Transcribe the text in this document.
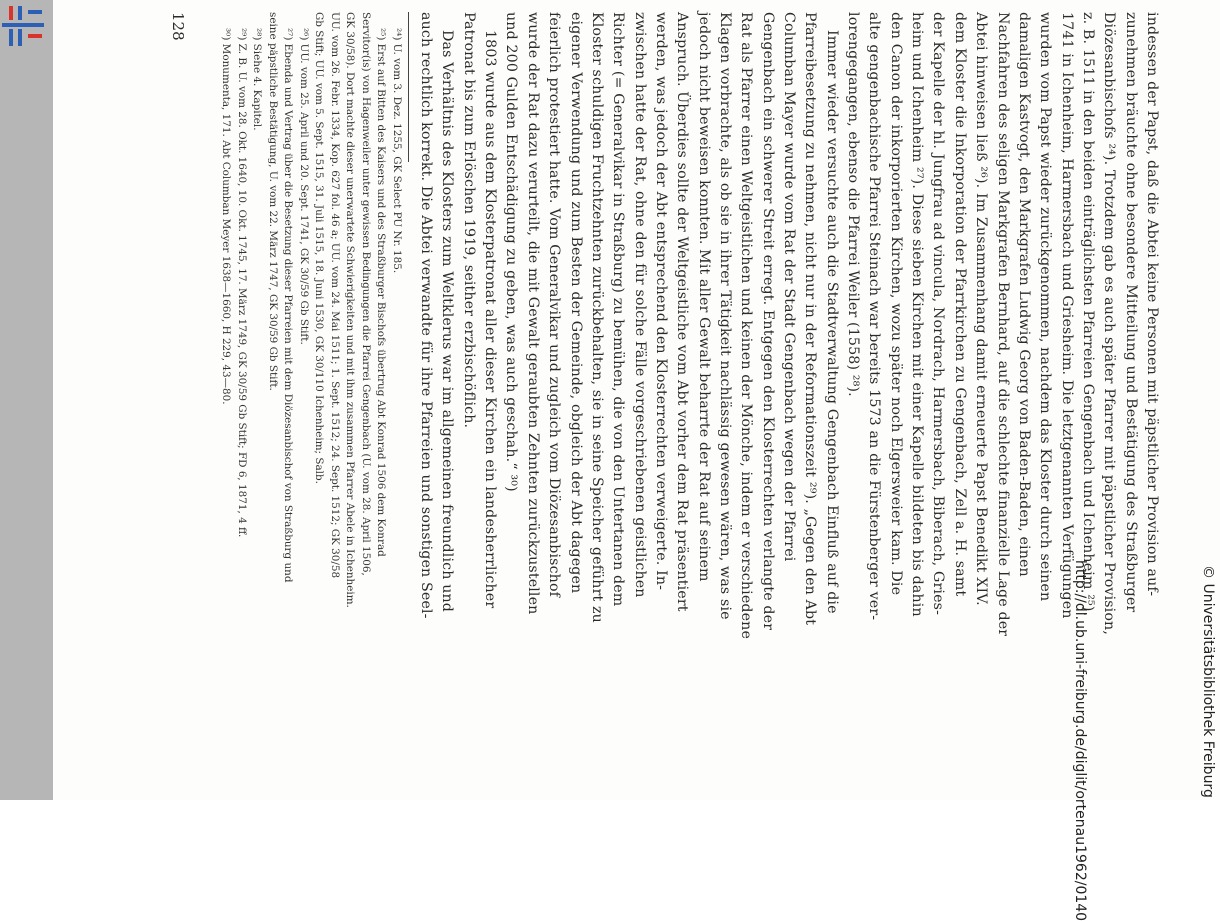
indessen der Papst, daß die Abtei keine Personen mit päpstlicher Provision auf-
zunehmen bräuchte ohne besondere Mitteilung und Bestätigung des Straßburger
Diözesanbischofs ²⁴). Trotzdem gab es auch später Pfarrer mit päpstlicher Provision,
z. B. 1511 in den beiden einträglichsten Pfarreien Gengenbach und Ichenheim ²⁵).
1741 in Ichenheim, Harmersbach und Griesheim. Die letztgenannten Verfügungen
wurden vom Papst wieder zurückgenommen, nachdem das Kloster durch seinen
damaligen Kastvogt, den Markgrafen Ludwig Georg von Baden-Baden, einen
Nachfahren des seligen Markgrafen Bernhard, auf die schlechte finanzielle Lage der
Abtei hinweisen ließ ²⁶). Im Zusammenhang damit erneuerte Papst Benedikt XIV.
dem Kloster die Inkorporation der Pfarrkirchen zu Gengenbach, Zell a. H. samt
der Kapelle der hl. Jungfrau ad vincula, Nordrach, Harmersbach, Biberach, Gries-
heim und Ichenheim ²⁷). Diese sieben Kirchen mit einer Kapelle bildeten bis dahin
den Canon der inkorporierten Kirchen, wozu später noch Elgersweier kam. Die
alte gengenbachische Pfarrei Steinach war bereits 1573 an die Fürstenberger ver-
lorengegangen, ebenso die Pfarrei Weiler (1558) ²⁸).
Immer wieder versuchte auch die Stadtverwaltung Gengenbach Einfluß auf die
Pfarreibesetzung zu nehmen, nicht nur in der Reformationszeit ²⁹). „Gegen den Abt
Columban Mayer wurde vom Rat der Stadt Gengenbach wegen der Pfarrei
Gengenbach ein schwerer Streit erregt. Entgegen den Klosterrechten verlangte der
Rat als Pfarrer einen Weltgeistlichen und keinen der Mönche, indem er verschiedene
Klagen vorbrachte, als ob sie in ihrer Tätigkeit nachlässig gewesen wären, was sie
jedoch nicht beweisen konnten. Mit aller Gewalt beharrte der Rat auf seinem
Anspruch. Überdies sollte der Weltgeistliche vom Abt vorher dem Rat präsentiert
werden, was jedoch der Abt entsprechend den Klosterrechten verweigerte. In-
zwischen hatte der Rat, ohne den für solche Fälle vorgeschriebenen geistlichen
Richter (= Generalvikar in Straßburg) zu bemühen, die von den Untertanen dem
Kloster schuldigen Fruchtzehnten zurückbehalten, sie in seine Speicher geführt zu
eigener Verwendung und zum Besten der Gemeinde, obgleich der Abt dagegen
feierlich protestiert hatte. Vom Generalvikar und zugleich vom Diözesanbischof
wurde der Rat dazu verurteilt, die mit Gewalt geraubten Zehnten zurückzustellen
und 200 Gulden Entschädigung zu geben, was auch geschah.“ ³⁰)
1803 wurde aus dem Klosterpatronat aller dieser Kirchen ein landesherrlicher
Patronat bis zum Erlöschen 1919, seither erzbischöflich.
Das Verhältnis des Klosters zum Weltklerus war im allgemeinen freundlich und
auch rechtlich korrekt. Die Abtei verwandte für ihre Pfarreien und sonstigen Seel-
²⁴) U. vom 3. Dez. 1255, GK Select PU Nr. 185.
²⁵) Erst auf Bitten des Kaisers und des Straßburger Bischofs übertrug Abt Konrad 1506 dem Konrad
Servitor(is) von Hagenweiler unter gewissen Bedingungen die Pfarrei Gengenbach (U. vom 28. April 1506,
GK 30/58). Dort machte dieser unerwartete Schwierigkeiten und mit ihm zusammen Pfarrer Abele in Ichenheim.
UU. vom 26. Febr. 1334, Kop. 627 fol. 46 a; UU. vom 24. Mai 1511; 1. Sept. 1512; 24. Sept. 1512; GK 30/58
Gb Stift; UU. vom 5. Sept. 1515, 31. Juli 1515, 18. Juni 1530, GK 30/110 Ichenheim; Salb.
²⁶) UU. vom 25. April und 20. Sept. 1741, GK 30/59 Gb Stift.
²⁷) Ebenda und Vertrag über die Besetzung dieser Pfarreien mit dem Diözesanbischof von Straßburg und
seine päpstliche Bestätigung, U. vom 22. März 1747, GK 30/59 Gb Stift.
²⁸) Siehe 4. Kapitel.
²⁹) Z. B. U. vom 28. Okt. 1640, 10. Okt. 1745, 17. März 1749, GK 30/59 Gb Stift; FD 6, 1871, 4 ff.
³⁰) Monumenta, 171. Abt Columban Meyer 1638—1660, H 229, 43—80.
128
http://dl.ub.uni-freiburg.de/diglit/ortenau1962/0140	© Universitätsbibliothek Freiburg
